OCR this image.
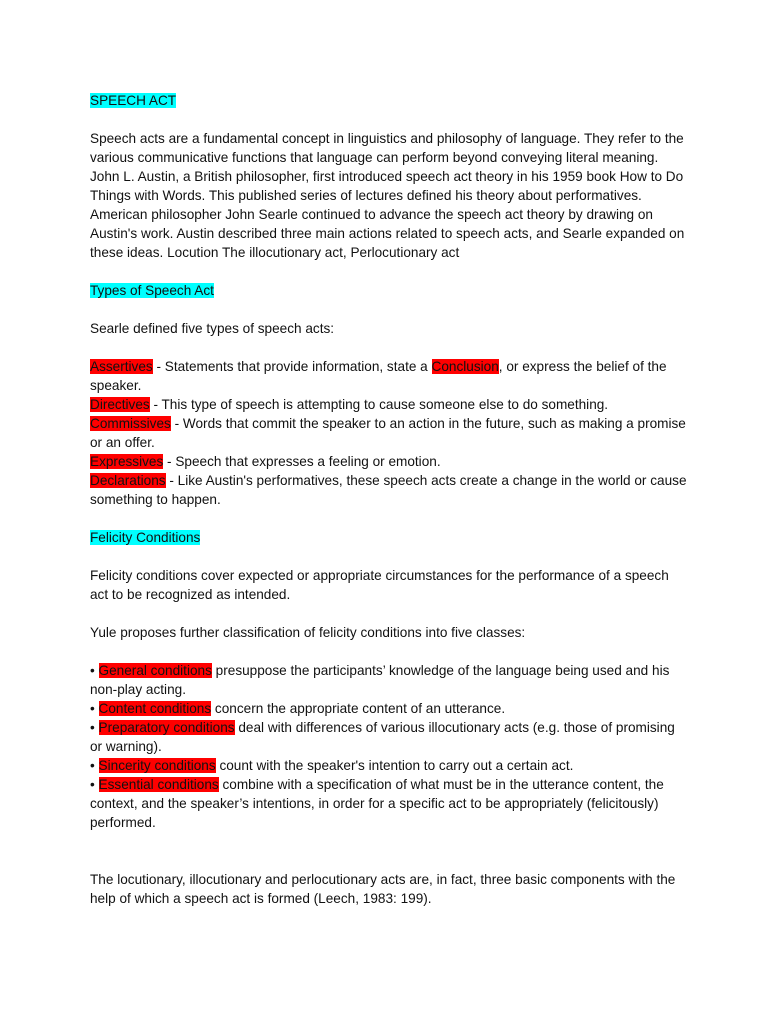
SPEECH ACT

Speech acts are a fundamental concept in linguistics and philosophy of language. They refer to the various communicative functions that language can perform beyond conveying literal meaning. John L. Austin, a British philosopher, first introduced speech act theory in his 1959 book How to Do Things with Words. This published series of lectures defined his theory about performatives. American philosopher John Searle continued to advance the speech act theory by drawing on Austin's work. Austin described three main actions related to speech acts, and Searle expanded on these ideas. Locution The illocutionary act, Perlocutionary act

Types of Speech Act

Searle defined five types of speech acts:

Assertives - Statements that provide information, state a Conclusion, or express the belief of the speaker.

Directives - This type of speech is attempting to cause someone else to do something.

Commissives - Words that commit the speaker to an action in the future, such as making a promise or an offer.

Expressives - Speech that expresses a feeling or emotion.

Declarations - Like Austin's performatives, these speech acts create a change in the world or cause something to happen.

Felicity Conditions

Felicity conditions cover expected or appropriate circumstances for the performance of a speech act to be recognized as intended.

Yule proposes further classification of felicity conditions into five classes:

• General conditions presuppose the participants’ knowledge of the language being used and his non-play acting.

• Content conditions concern the appropriate content of an utterance.

• Preparatory conditions deal with differences of various illocutionary acts (e.g. those of promising or warning).

• Sincerity conditions count with the speaker's intention to carry out a certain act.

• Essential conditions combine with a specification of what must be in the utterance content, the context, and the speaker’s intentions, in order for a specific act to be appropriately (felicitously) performed.

The locutionary, illocutionary and perlocutionary acts are, in fact, three basic components with the help of which a speech act is formed (Leech, 1983: 199).
